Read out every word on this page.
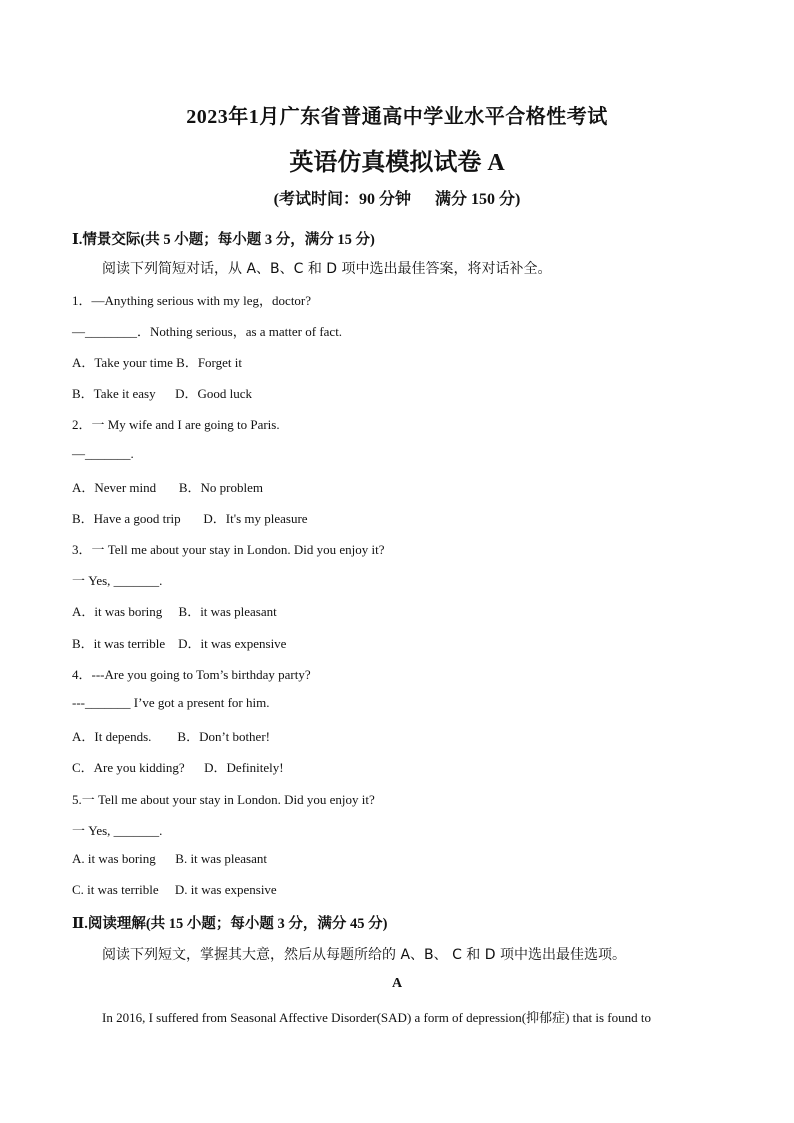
2023年1月广东省普通高中学业水平合格性考试
英语仿真模拟试卷 A
(考试时间：90 分钟      满分 150 分)
Ⅰ.情景交际(共 5 小题；每小题 3 分，满分 15 分)
阅读下列简短对话，从 A、B、C 和 D 项中选出最佳答案，将对话补全。
1．—Anything serious with my leg，doctor?
—________．Nothing serious，as a matter of fact.
A．Take your time B．Forget it
B．Take it easy      D．Good luck
2．一 My wife and I are going to Paris.
—_______.
A．Never mind       B．No problem
B．Have a good trip       D．It's my pleasure
3．一 Tell me about your stay in London. Did you enjoy it?
一 Yes, _______.
A．it was boring     B．it was pleasant
B．it was terrible    D．it was expensive
4．---Are you going to Tom’s birthday party?
---_______ I’ve got a present for him.
A．It depends.        B．Don’t bother!
C．Are you kidding?      D．Definitely!
5.一 Tell me about your stay in London. Did you enjoy it?
一 Yes, _______.
A. it was boring      B. it was pleasant
C. it was terrible     D. it was expensive
Ⅱ.阅读理解(共 15 小题；每小题 3 分，满分 45 分)
阅读下列短文，掌握其大意，然后从每题所给的 A、B、 C 和 D 项中选出最佳选项。
A
In 2016, I suffered from Seasonal Affective Disorder(SAD) a form of depression(抑郁症) that is found to
